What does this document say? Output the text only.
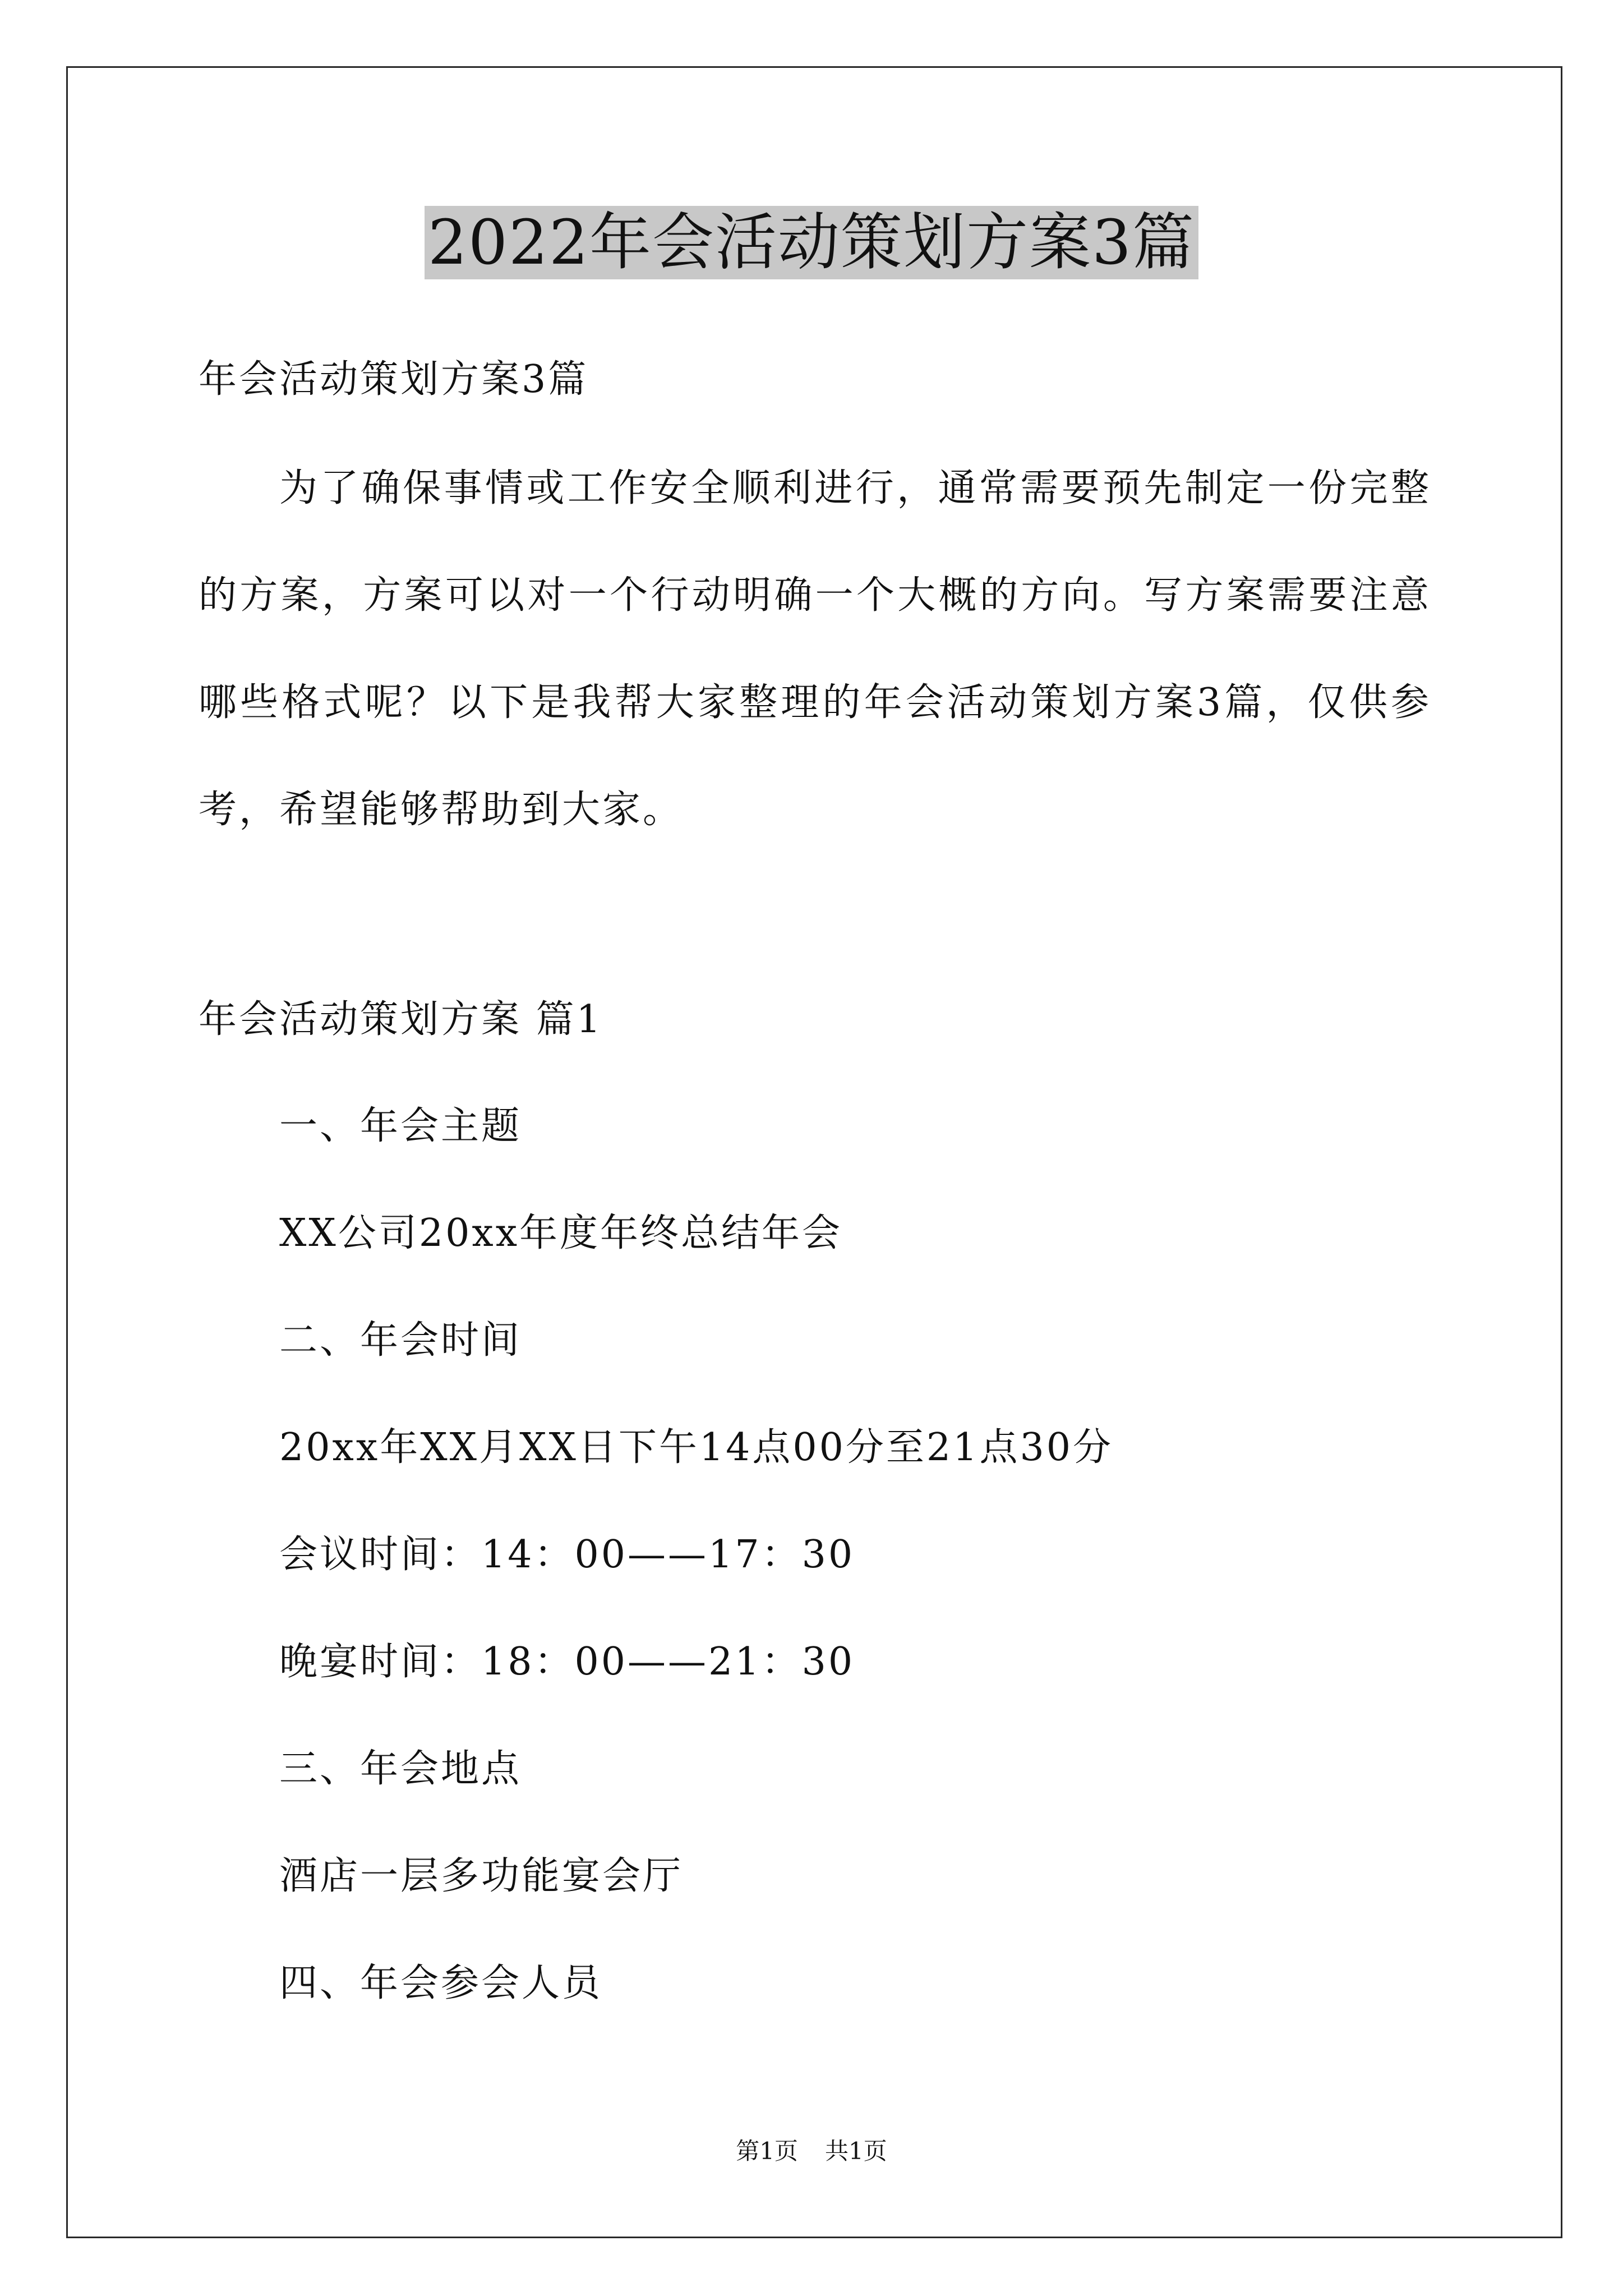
2022年会活动策划方案3篇
年会活动策划方案3篇
为了确保事情或工作安全顺利进行，通常需要预先制定一份完整
的方案，方案可以对一个行动明确一个大概的方向。写方案需要注意
哪些格式呢？以下是我帮大家整理的年会活动策划方案3篇，仅供参
考，希望能够帮助到大家。
年会活动策划方案 篇1
一、年会主题
XX公司20xx年度年终总结年会
二、年会时间
20xx年XX月XX日下午14点00分至21点30分
会议时间：14：00——17：30
晚宴时间：18：00——21：30
三、年会地点
酒店一层多功能宴会厅
四、年会参会人员
第1页 共1页
